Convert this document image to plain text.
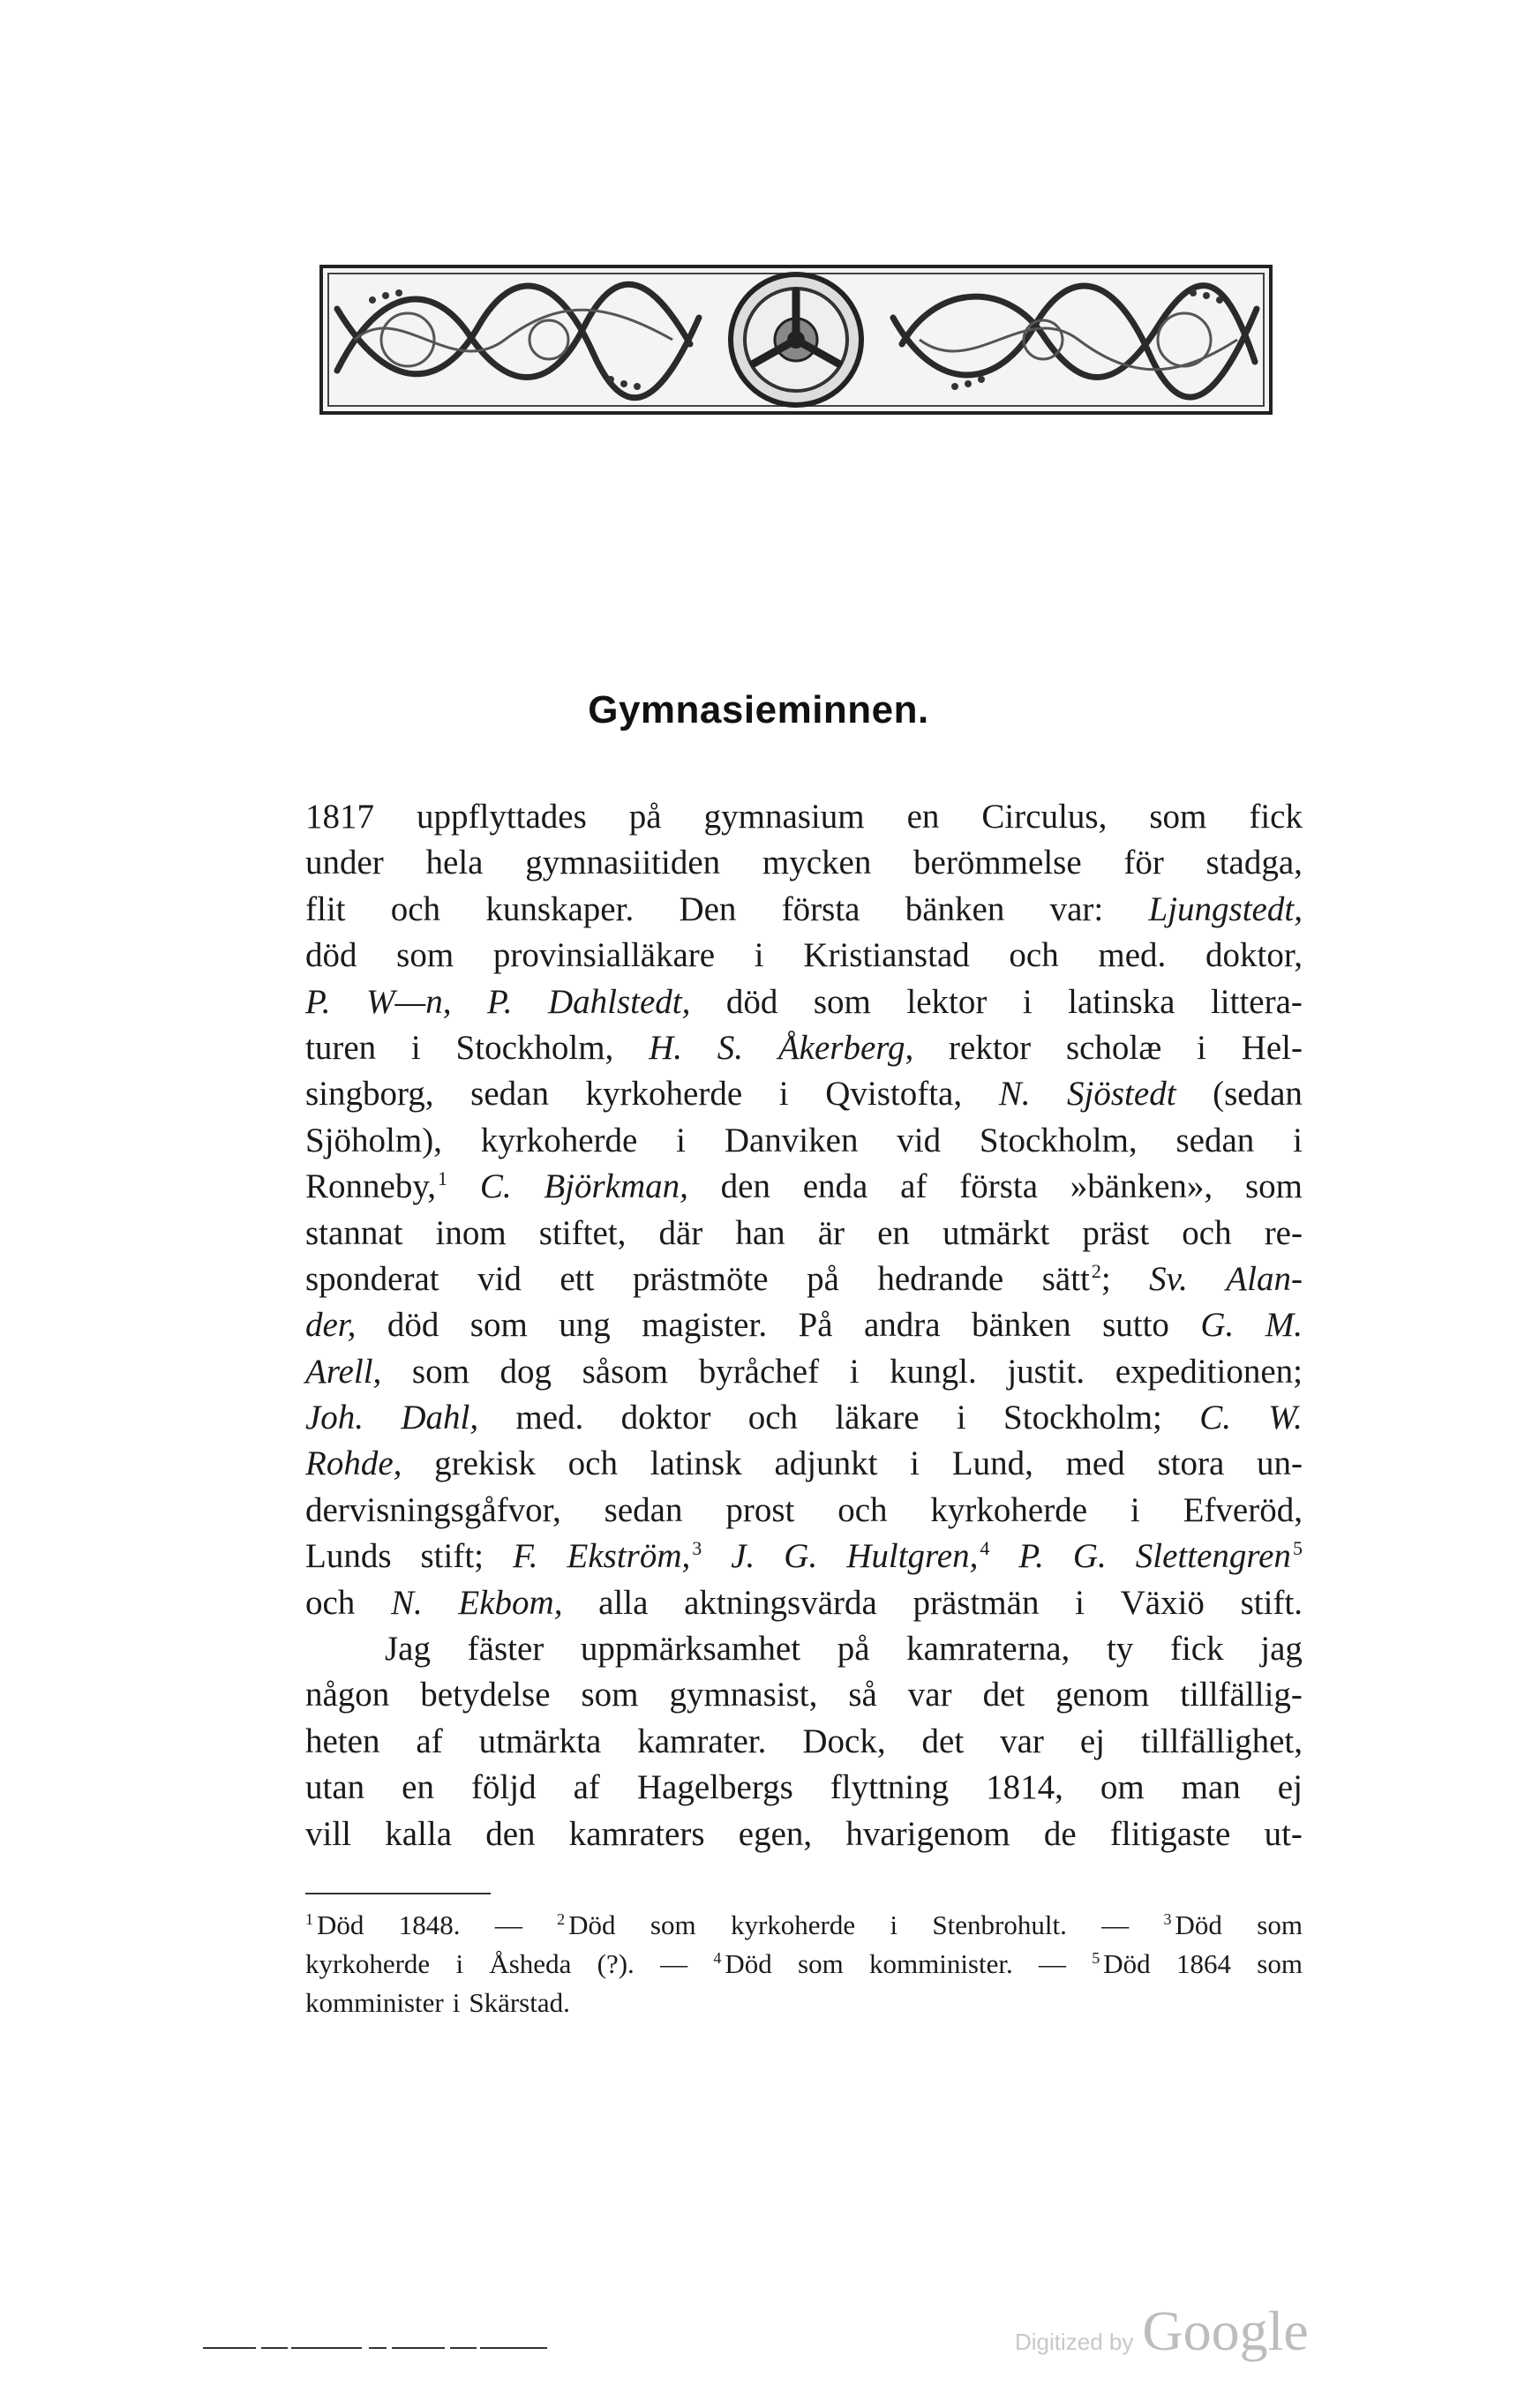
Gymnasieminnen.
1817 uppflyttades på gymnasium en Circulus, som fick
under hela gymnasiitiden mycken berömmelse för stadga,
flit och kunskaper. Den första bänken var: Ljungstedt,
död som provinsialläkare i Kristianstad och med. doktor,
P. W—n, P. Dahlstedt, död som lektor i latinska littera-
turen i Stockholm, H. S. Åkerberg, rektor scholæ i Hel-
singborg, sedan kyrkoherde i Qvistofta, N. Sjöstedt (sedan
Sjöholm), kyrkoherde i Danviken vid Stockholm, sedan i
Ronneby,$^1$ C. Björkman, den enda af första »bänken», som
stannat inom stiftet, där han är en utmärkt präst och re-
sponderat vid ett prästmöte på hedrande sätt$^2$; Sv. Alan-
der, död som ung magister. På andra bänken sutto G. M.
Arell, som dog såsom byråchef i kungl. justit. expeditionen;
Joh. Dahl, med. doktor och läkare i Stockholm; C. W.
Rohde, grekisk och latinsk adjunkt i Lund, med stora un-
dervisningsgåfvor, sedan prost och kyrkoherde i Efveröd,
Lunds stift; F. Ekström,$^3$ J. G. Hultgren,$^4$ P. G. Slettengren$^5$
och N. Ekbom, alla aktningsvärda prästmän i Växiö stift.
Jag fäster uppmärksamhet på kamraterna, ty fick jag
någon betydelse som gymnasist, så var det genom tillfällig-
heten af utmärkta kamrater. Dock, det var ej tillfällighet,
utan en följd af Hagelbergs flyttning 1814, om man ej
vill kalla den kamraters egen, hvarigenom de flitigaste ut-
$^1$ Död 1848. — $^2$ Död som kyrkoherde i Stenbrohult. — $^3$ Död som
kyrkoherde i Åsheda (?). — $^4$ Död som komminister. — $^5$ Död 1864 som
komminister i Skärstad.
Digitized by Google
